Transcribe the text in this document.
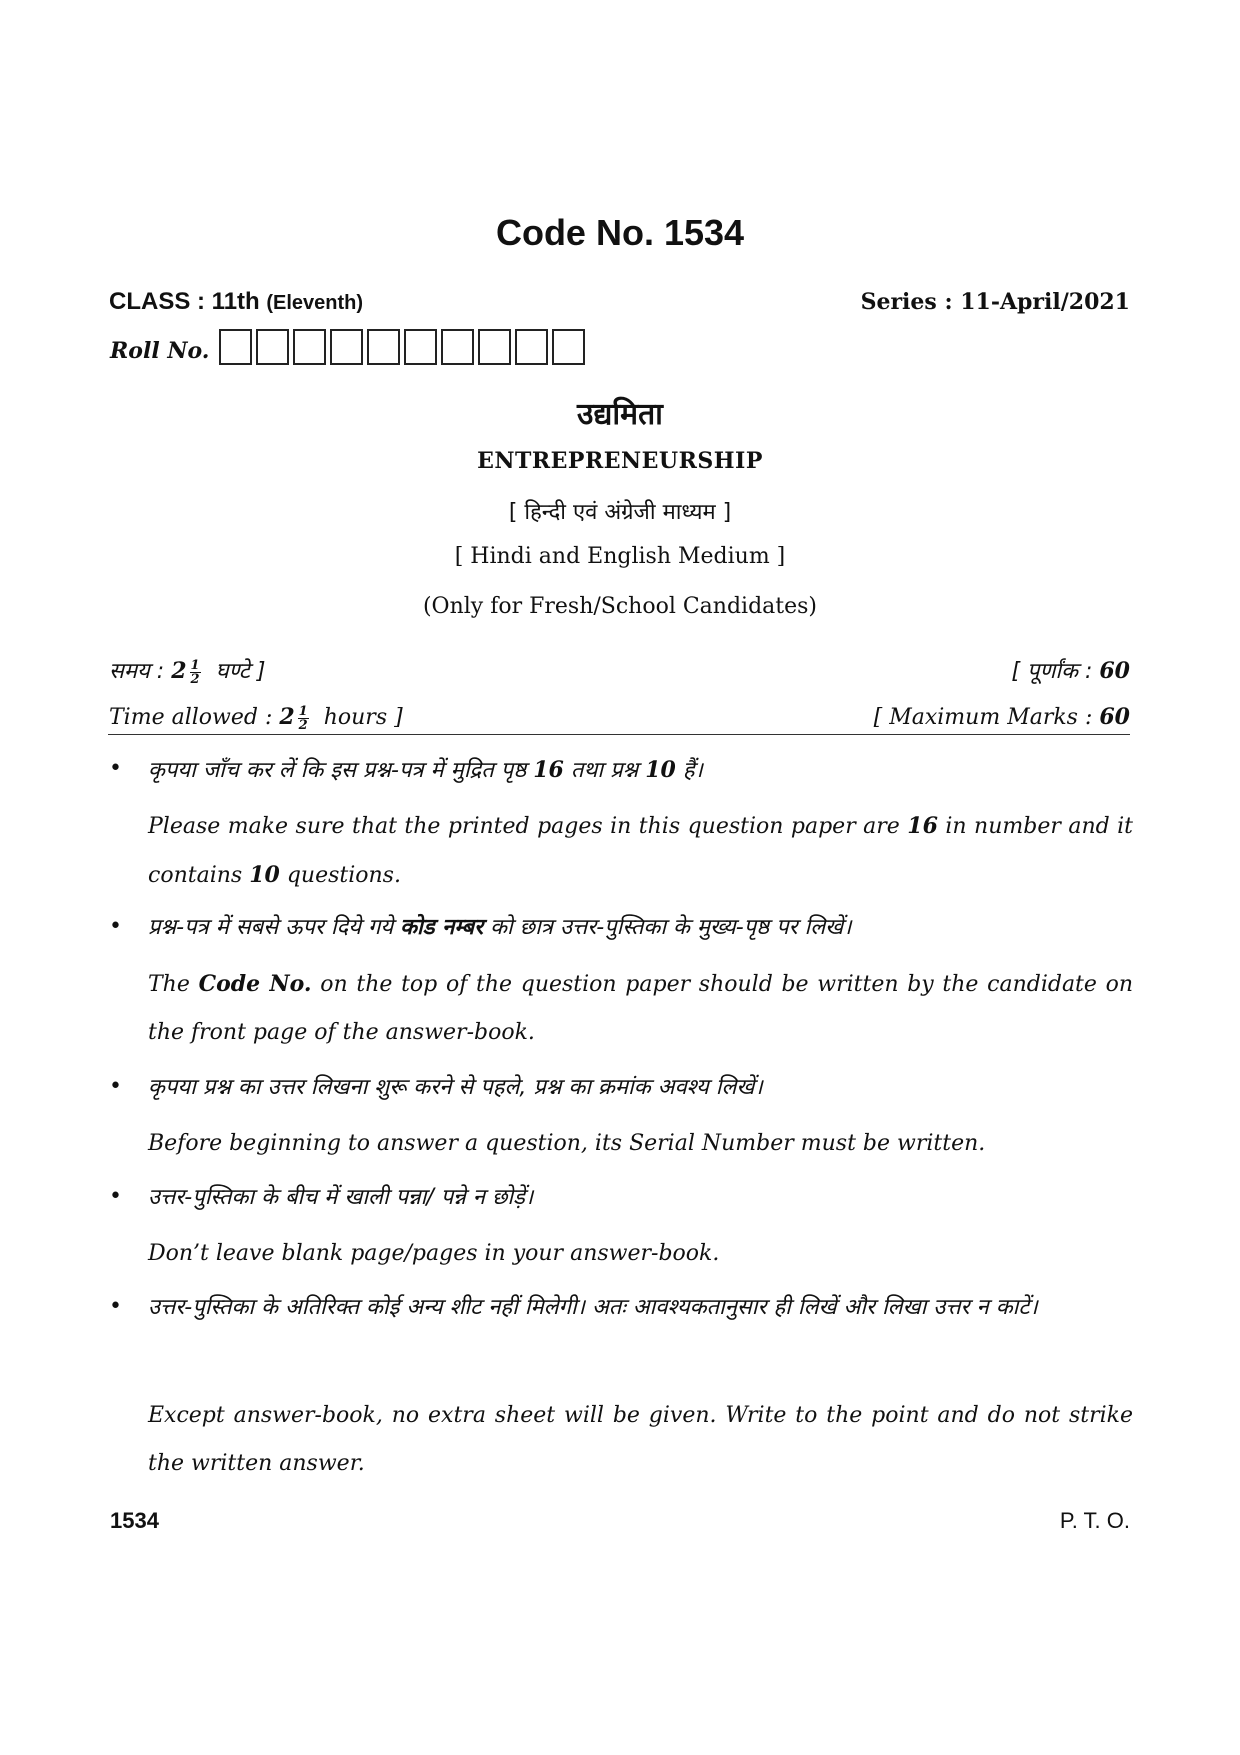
Code No. 1534
CLASS : 11th (Eleventh)	Series : 11-April/2021
Roll No.
उद्यमिता
ENTREPRENEURSHIP
[ हिन्दी एवं अंग्रेजी माध्यम ]
[ Hindi and English Medium ]
(Only for Fresh/School Candidates)
समय : $2 \frac{1}{2}$ घण्टे ]	[ पूर्णांक : 60
Time allowed : $2 \frac{1}{2}$ hours ]	[ Maximum Marks : 60
• कृपया जाँच कर लें कि इस प्रश्न-पत्र में मुद्रित पृष्ठ 16 तथा प्रश्न 10 हैं।
Please make sure that the printed pages in this question paper are 16 in number and it contains 10 questions.
• प्रश्न-पत्र में सबसे ऊपर दिये गये कोड नम्बर को छात्र उत्तर-पुस्तिका के मुख्य-पृष्ठ पर लिखें।
The Code No. on the top of the question paper should be written by the candidate on the front page of the answer-book.
• कृपया प्रश्न का उत्तर लिखना शुरू करने से पहले, प्रश्न का क्रमांक अवश्य लिखें।
Before beginning to answer a question, its Serial Number must be written.
• उत्तर-पुस्तिका के बीच में खाली पन्ना/ पन्ने न छोड़ें।
Don’t leave blank page/pages in your answer-book.
• उत्तर-पुस्तिका के अतिरिक्त कोई अन्य शीट नहीं मिलेगी। अतः आवश्यकतानुसार ही लिखें और लिखा उत्तर न काटें।
Except answer-book, no extra sheet will be given. Write to the point and do not strike the written answer.
1534	P. T. O.
